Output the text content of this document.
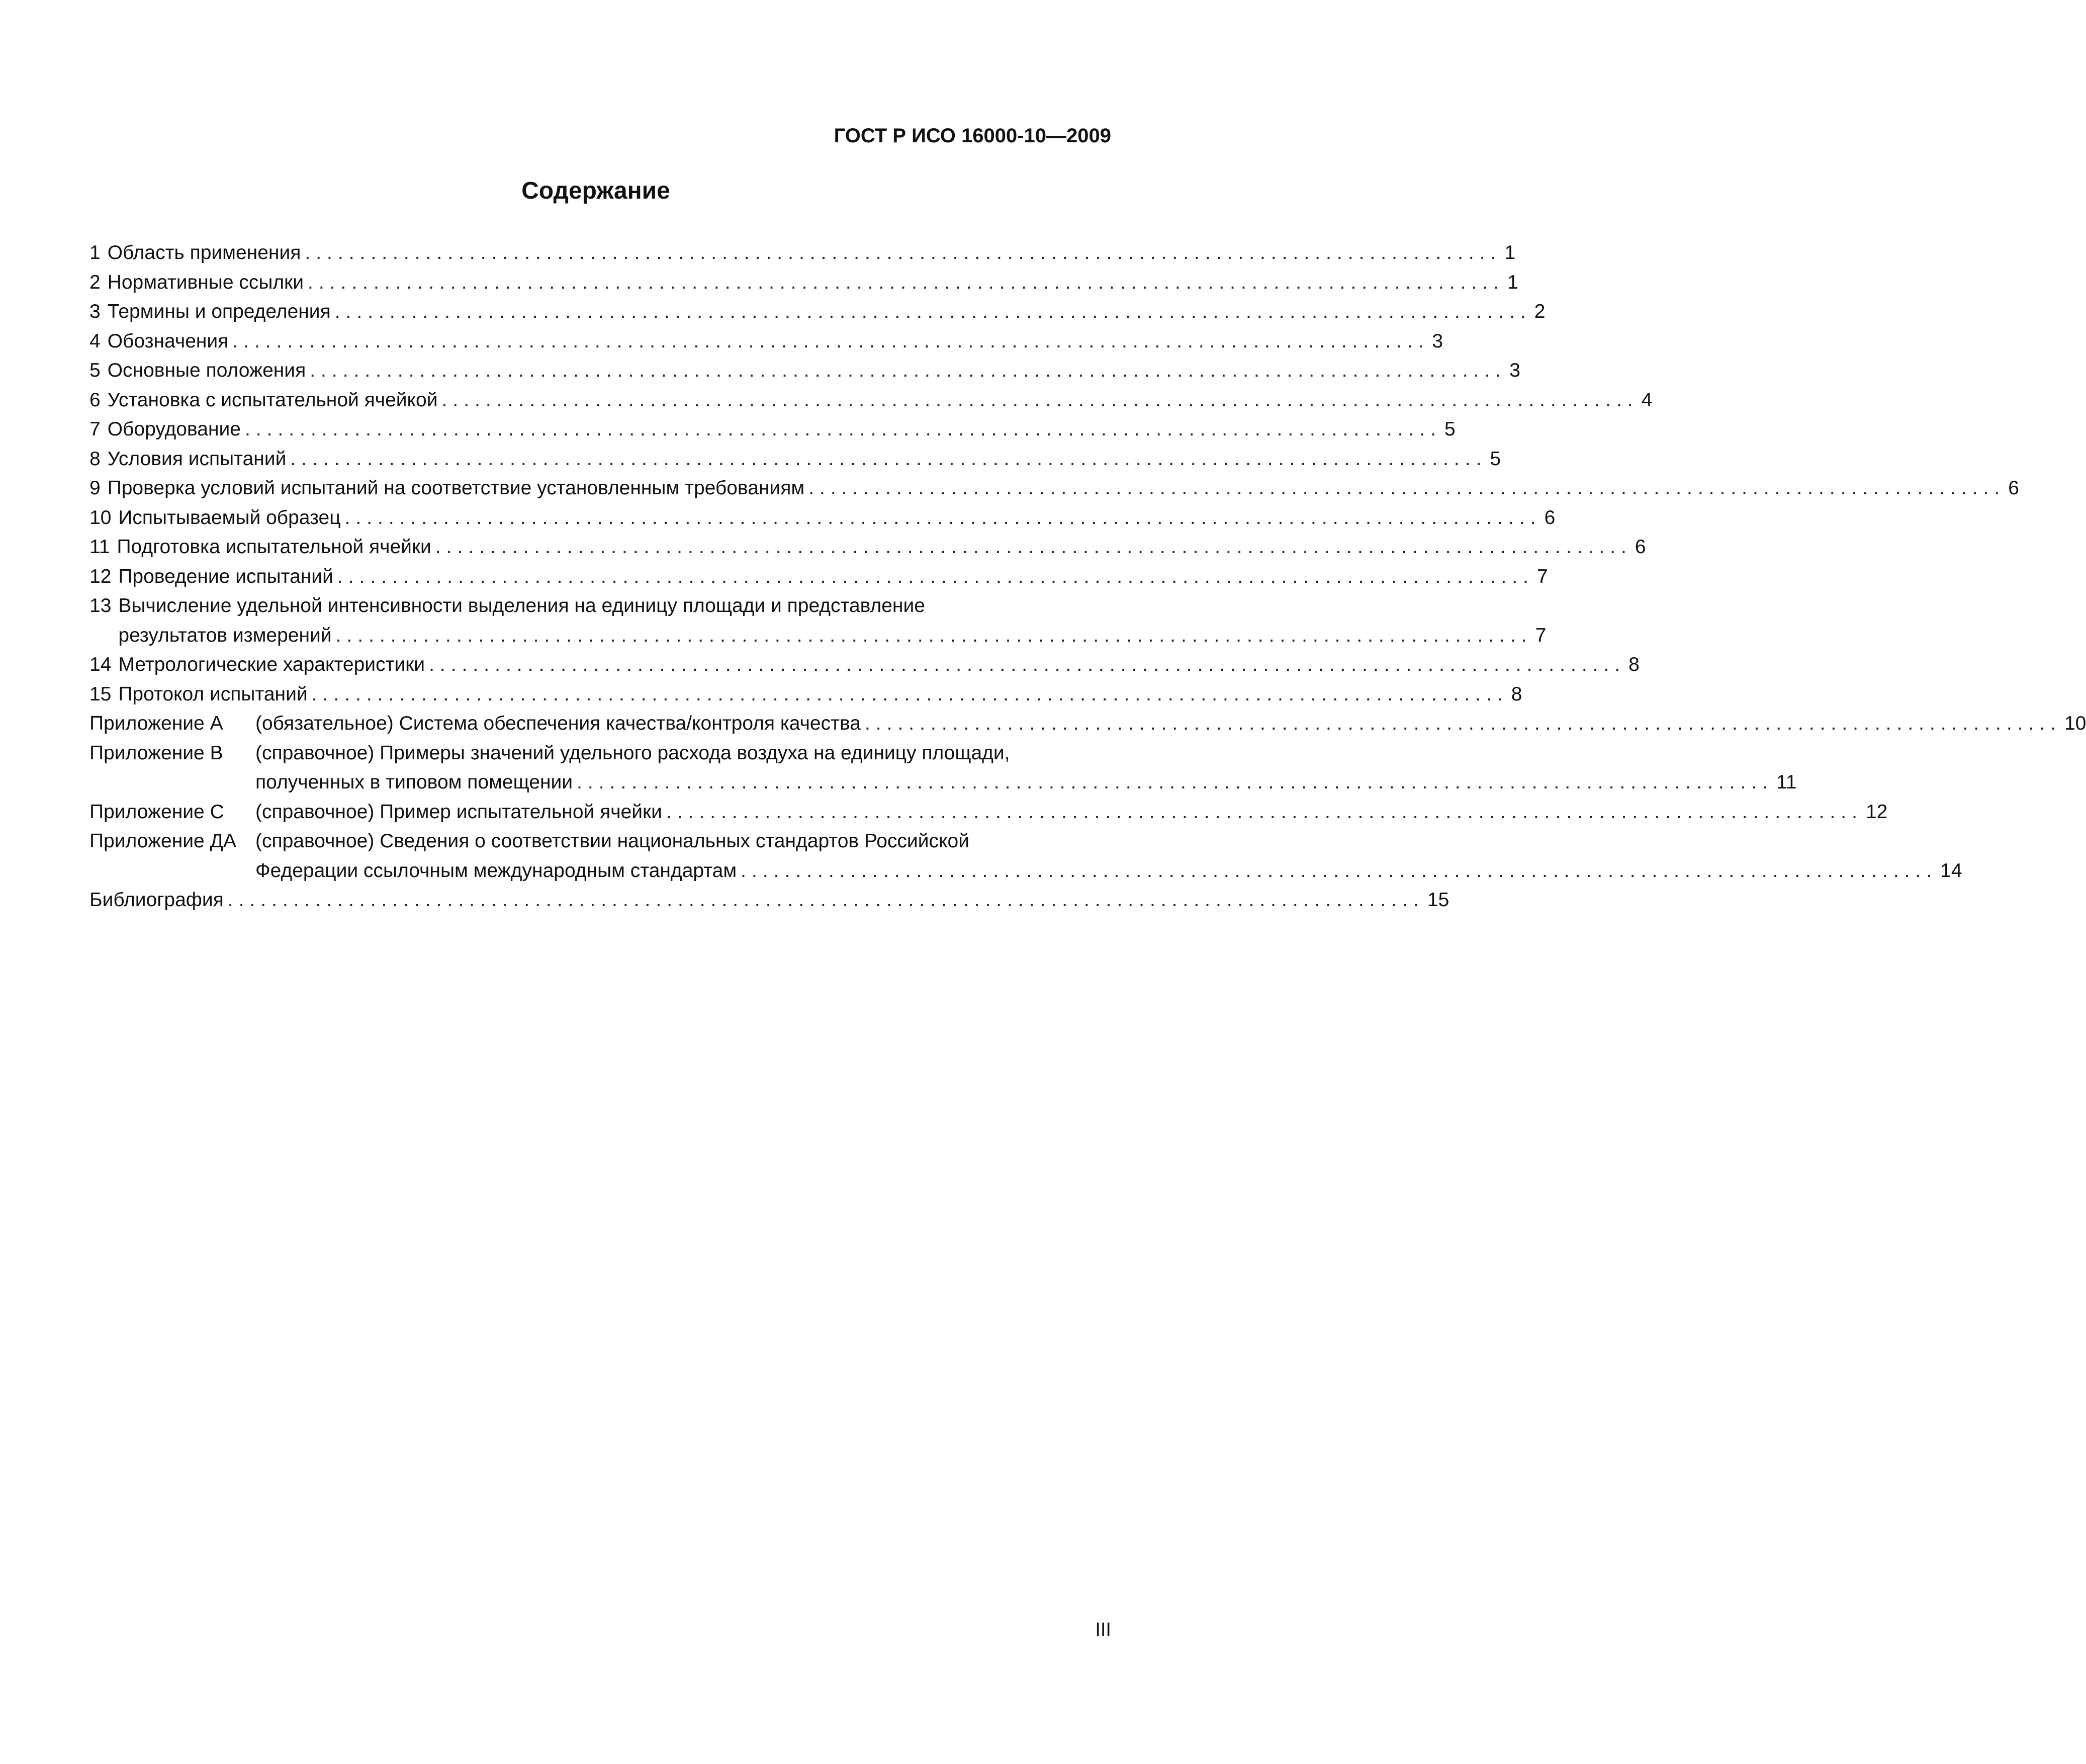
ГОСТ Р ИСО 16000-10—2009
Содержание
1 Область применения ............................................................................................................. 1
2 Нормативные ссылки ............................................................................................................. 1
3 Термины и определения ............................................................................................................. 2
4 Обозначения ............................................................................................................. 3
5 Основные положения ............................................................................................................. 3
6 Установка с испытательной ячейкой ............................................................................................................. 4
7 Оборудование ............................................................................................................. 5
8 Условия испытаний ............................................................................................................. 5
9 Проверка условий испытаний на соответствие установленным требованиям ............................................................................................................. 6
10 Испытываемый образец ............................................................................................................. 6
11 Подготовка испытательной ячейки ............................................................................................................. 6
12 Проведение испытаний ............................................................................................................. 7
13 Вычисление удельной интенсивности выделения на единицу площади и представление
результатов измерений ............................................................................................................. 7
14 Метрологические характеристики ............................................................................................................. 8
15 Протокол испытаний ............................................................................................................. 8
Приложение А	(обязательное) Система обеспечения качества/контроля качества ............................................................................................................. 10
Приложение В	(справочное) Примеры значений удельного расхода воздуха на единицу площади,
полученных в типовом помещении ............................................................................................................. 11
Приложение С	(справочное) Пример испытательной ячейки ............................................................................................................. 12
Приложение ДА (справочное) Сведения о соответствии национальных стандартов Российской
Федерации ссылочным международным стандартам ............................................................................................................. 14
Библиография ............................................................................................................. 15
III
